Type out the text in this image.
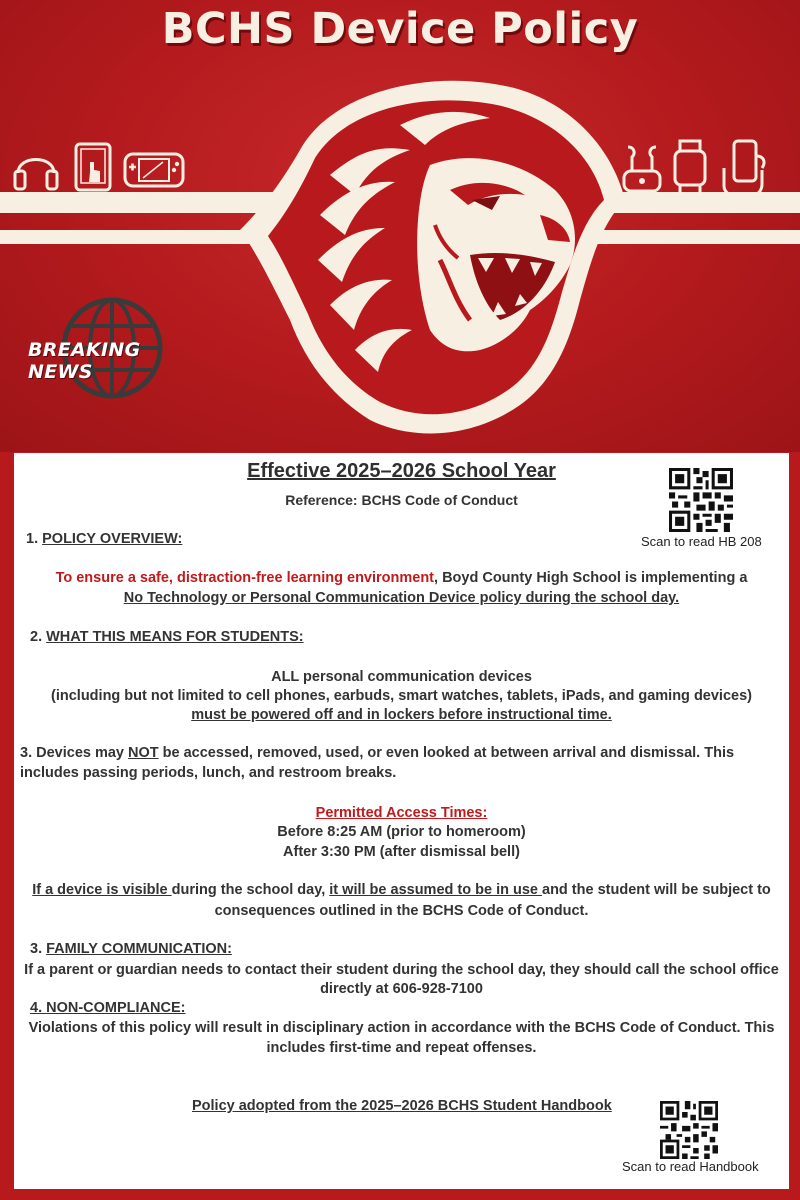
BCHS Device Policy
BREAKING NEWS
Effective 2025–2026 School Year
Reference: BCHS Code of Conduct
Scan to read HB 208
1. POLICY OVERVIEW:
To ensure a safe, distraction-free learning environment, Boyd County High School is implementing a
No Technology or Personal Communication Device policy during the school day.
2. WHAT THIS MEANS FOR STUDENTS:
ALL personal communication devices
(including but not limited to cell phones, earbuds, smart watches, tablets, iPads, and gaming devices)
must be powered off and in lockers before instructional time.
3. Devices may NOT be accessed, removed, used, or even looked at between arrival and dismissal. This
includes passing periods, lunch, and restroom breaks.
Permitted Access Times:
Before 8:25 AM (prior to homeroom)
After 3:30 PM (after dismissal bell)
If a device is visible during the school day, it will be assumed to be in use and the student will be subject to
consequences outlined in the BCHS Code of Conduct.
3. FAMILY COMMUNICATION:
If a parent or guardian needs to contact their student during the school day, they should call the school office
directly at 606-928-7100
4. NON-COMPLIANCE:
Violations of this policy will result in disciplinary action in accordance with the BCHS Code of Conduct. This
includes first-time and repeat offenses.
Policy adopted from the 2025–2026 BCHS Student Handbook
Scan to read Handbook
